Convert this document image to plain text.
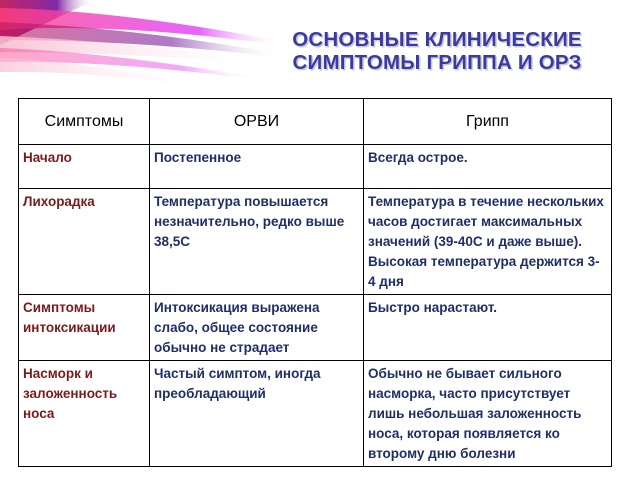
ОСНОВНЫЕ КЛИНИЧЕСКИЕ
СИМПТОМЫ ГРИППА И ОРЗ
Симптомы	ОРВИ	Грипп
Начало	Постепенное	Всегда острое.
Лихорадка	Температура повышается незначительно, редко выше 38,5С	Температура в течение нескольких часов достигает максимальных значений (39-40С и даже выше). Высокая температура держится 3-4 дня
Симптомы интоксикации	Интоксикация выражена слабо, общее состояние обычно не страдает	Быстро нарастают.
Насморк и заложенность носа	Частый симптом, иногда преобладающий	Обычно не бывает сильного насморка, часто присутствует лишь небольшая заложенность носа, которая появляется ко второму дню болезни
